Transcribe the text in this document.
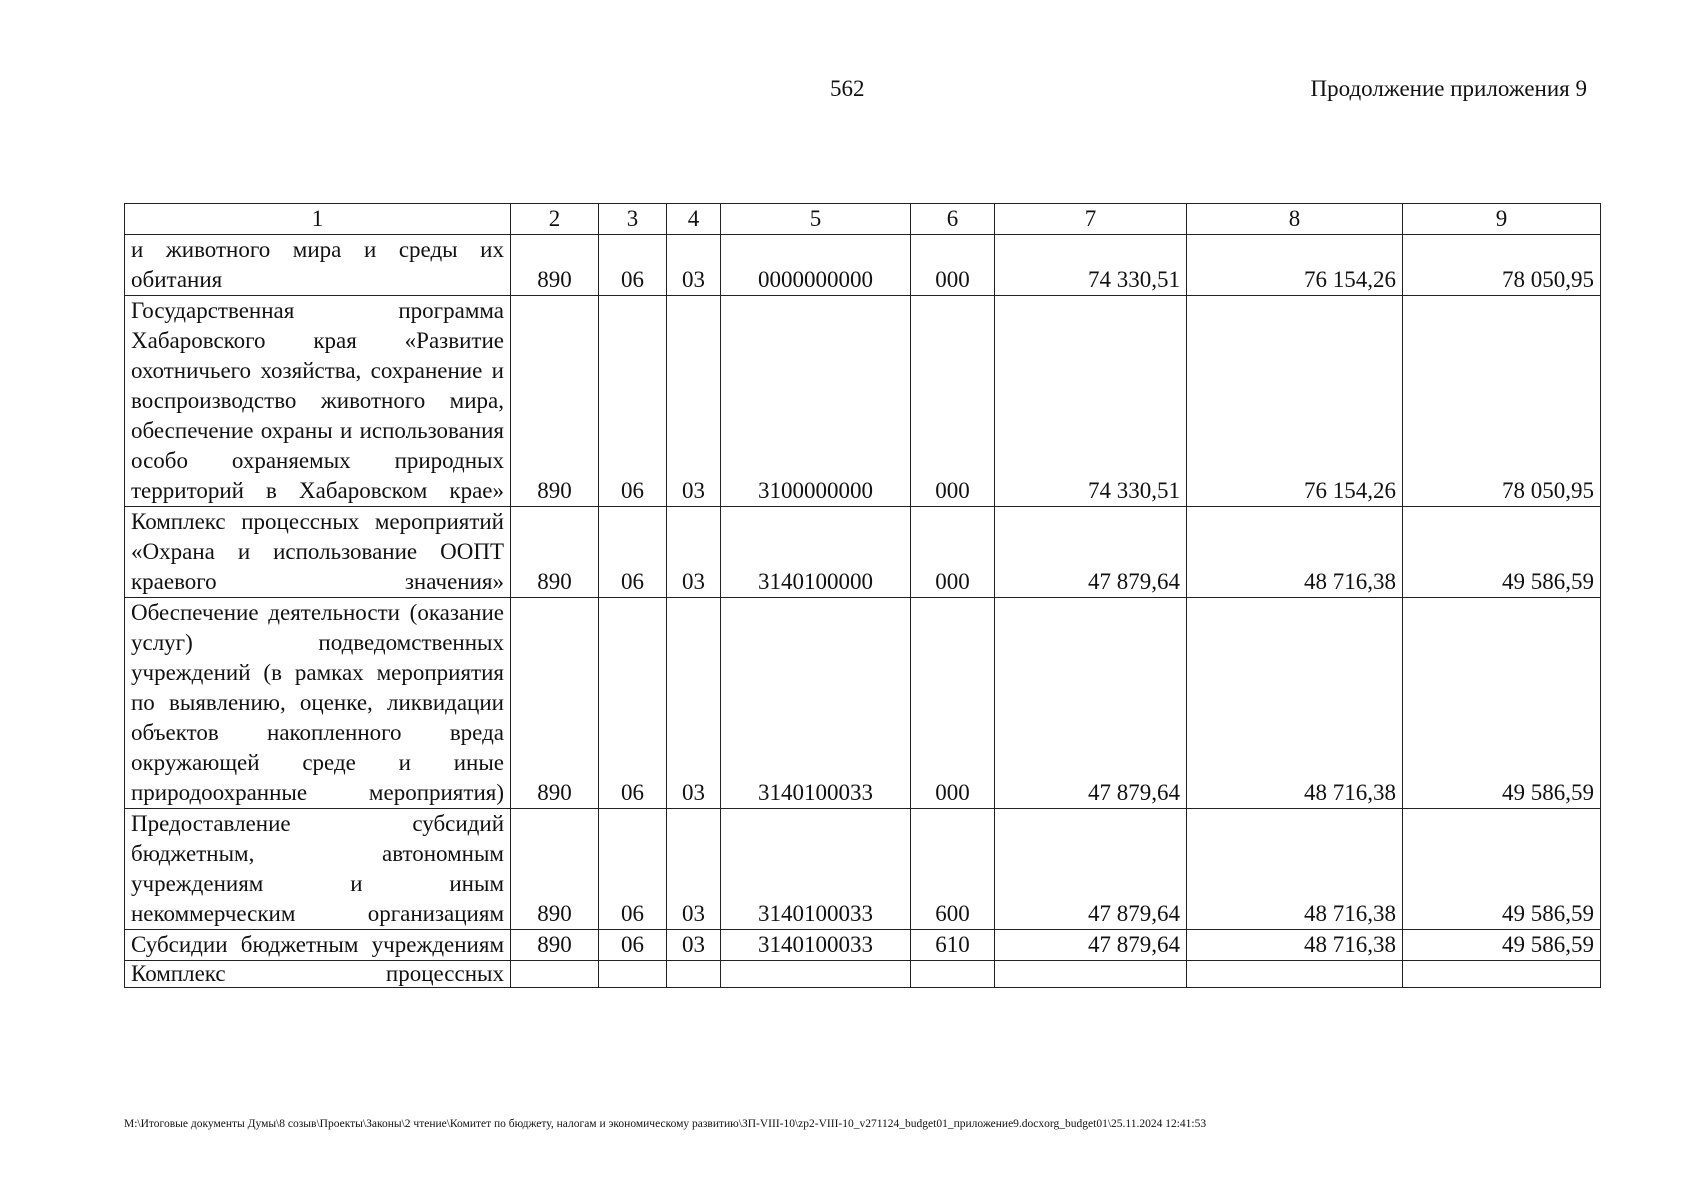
562	Продолжение приложения 9
1	2	3	4	5	6	7	8	9
и животного мира и среды их обитания	890	06	03	0000000000	000	74 330,51	76 154,26	78 050,95
Государственная программа Хабаровского края «Развитие охотничьего хозяйства, сохранение и воспроизводство животного мира, обеспечение охраны и использования особо охраняемых природных территорий в Хабаровском крае»	890	06	03	3100000000	000	74 330,51	76 154,26	78 050,95
Комплекс процессных мероприятий «Охрана и использование ООПТ краевого значения»	890	06	03	3140100000	000	47 879,64	48 716,38	49 586,59
Обеспечение деятельности (оказание услуг) подведомственных учреждений (в рамках мероприятия по выявлению, оценке, ликвидации объектов накопленного вреда окружающей среде и иные природоохранные мероприятия)	890	06	03	3140100033	000	47 879,64	48 716,38	49 586,59
Предоставление субсидий бюджетным, автономным учреждениям и иным некоммерческим организациям	890	06	03	3140100033	600	47 879,64	48 716,38	49 586,59
Субсидии бюджетным учреждениям	890	06	03	3140100033	610	47 879,64	48 716,38	49 586,59
Комплекс процессных								
M:\Итоговые документы Думы\8 созыв\Проекты\Законы\2 чтение\Комитет по бюджету, налогам и экономическому развитию\ЗП-VIII-10\zp2-VIII-10_v271124_budget01_приложение9.docxorg_budget01\25.11.2024 12:41:53
